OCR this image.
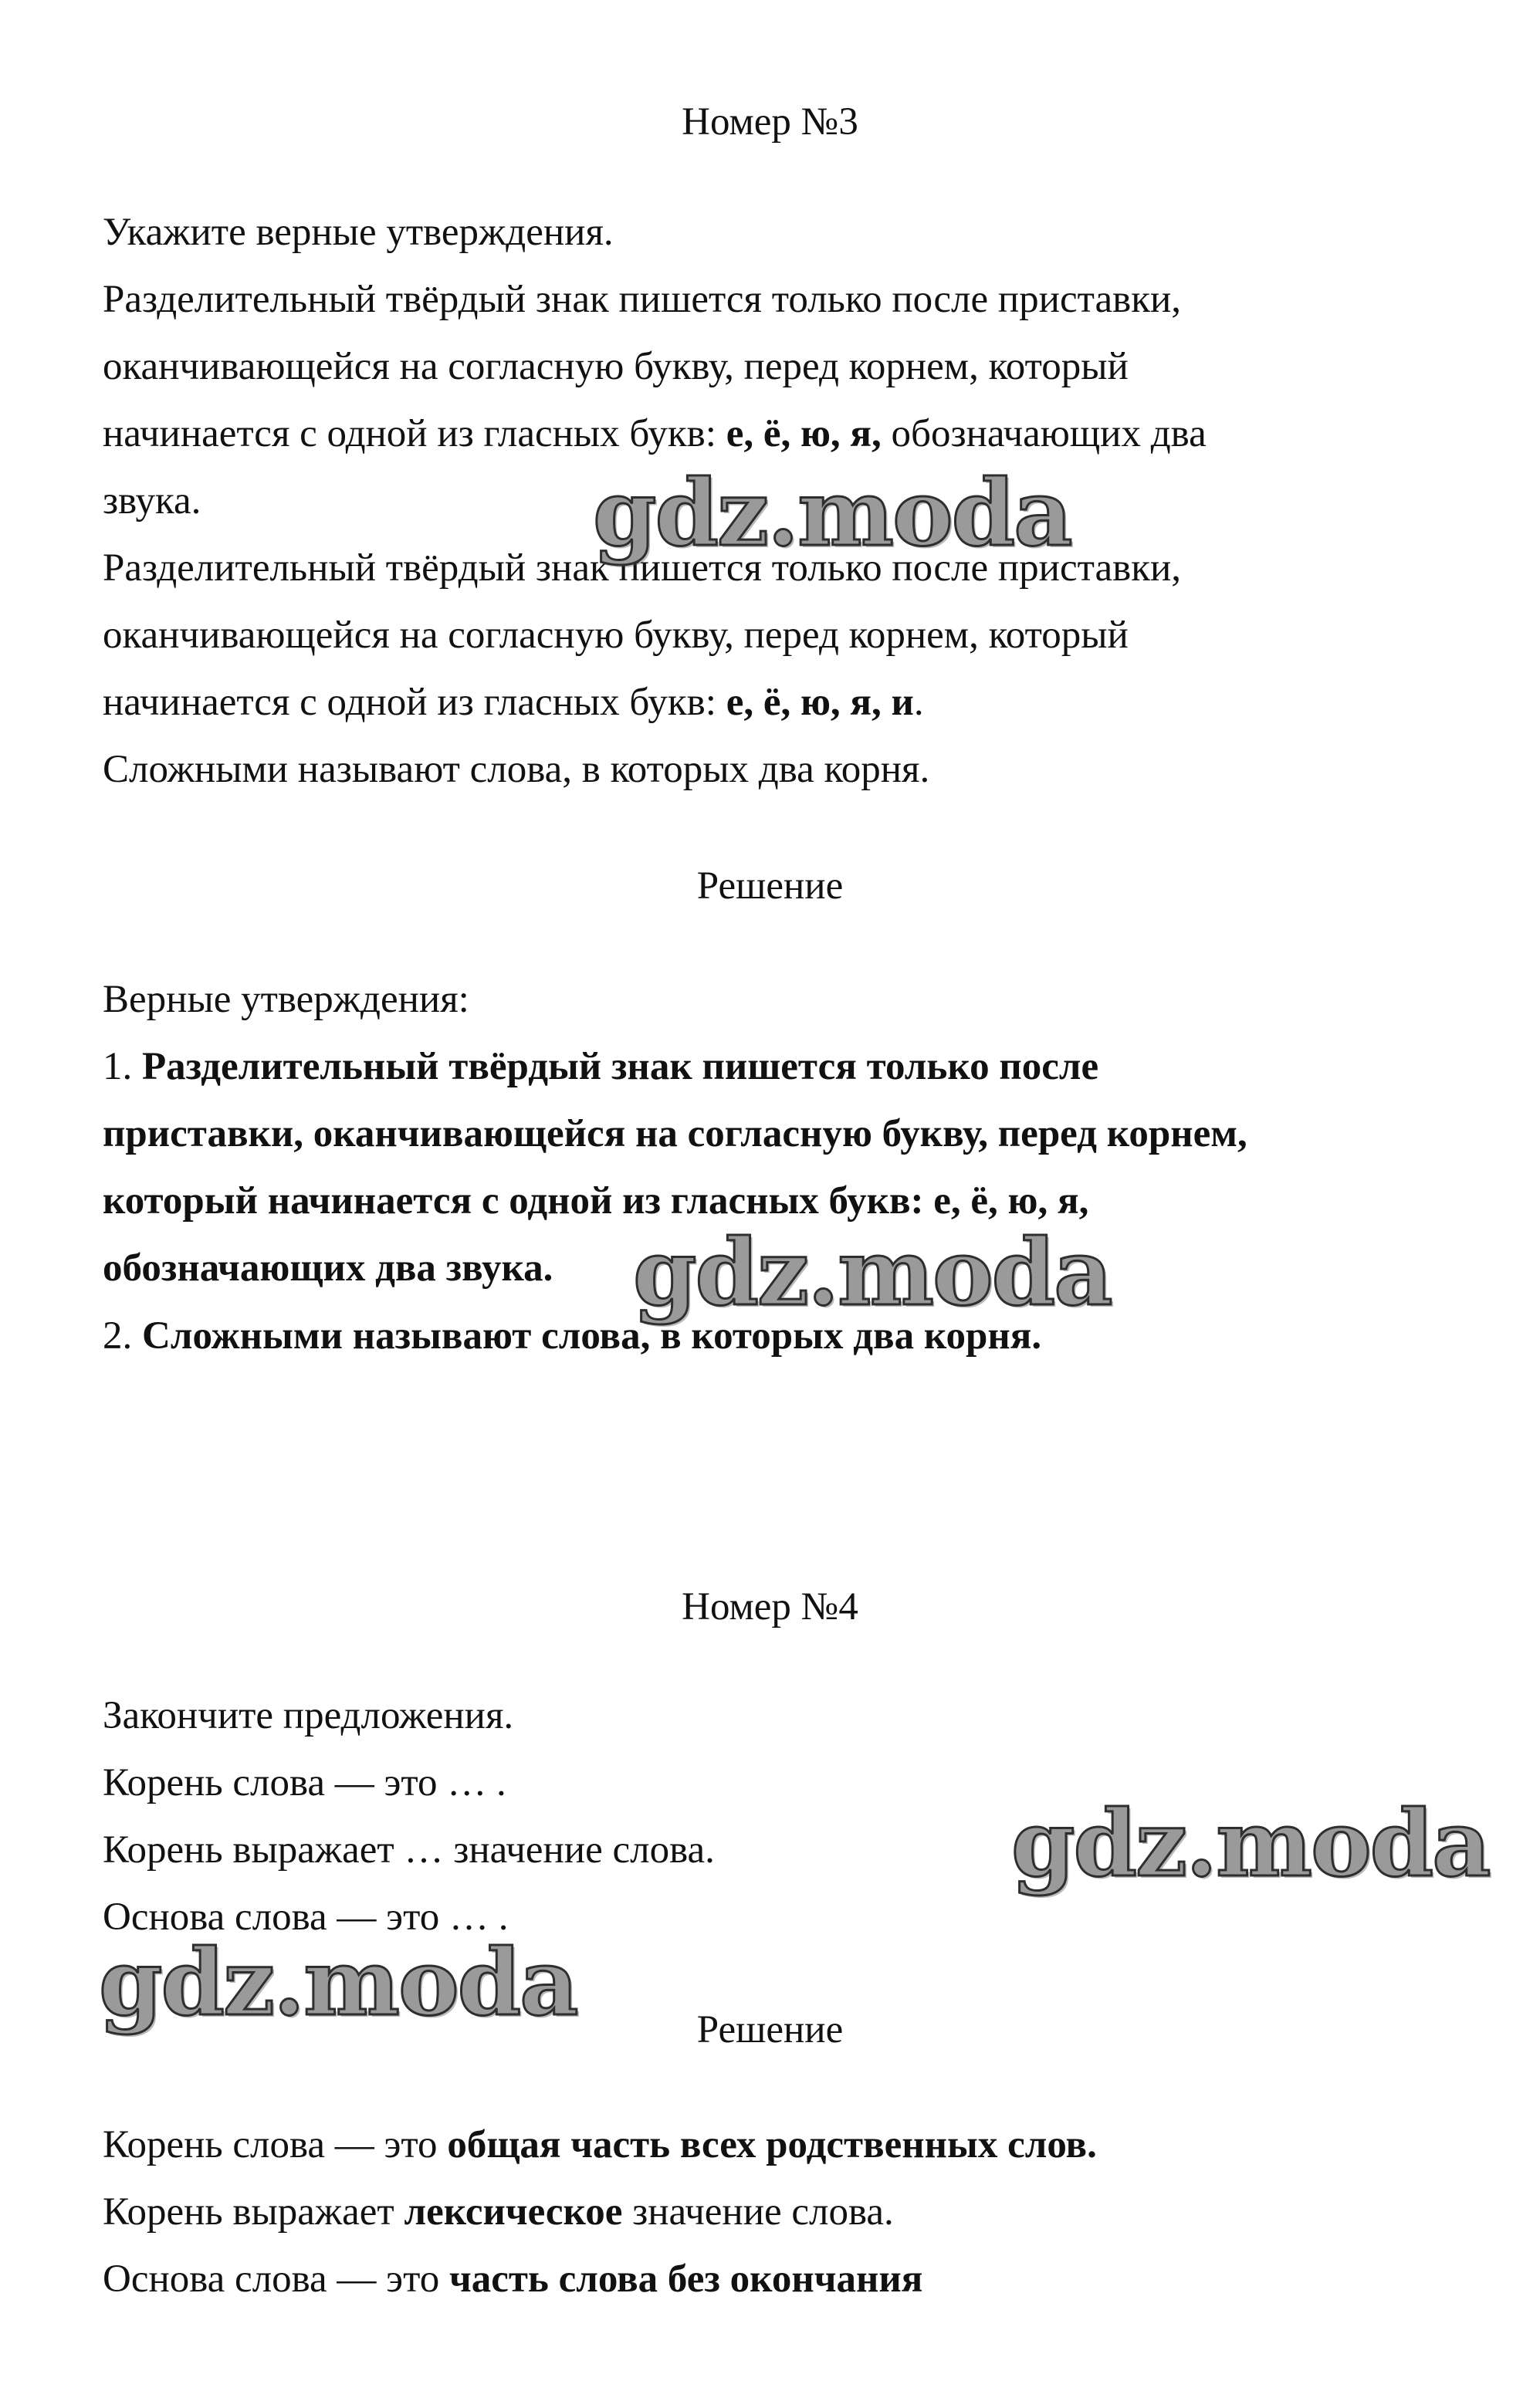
Номер №3
Укажите верные утверждения.
Разделительный твёрдый знак пишется только после приставки,
оканчивающейся на согласную букву, перед корнем, который
начинается с одной из гласных букв: е, ё, ю, я, обозначающих два
звука.
Разделительный твёрдый знак пишется только после приставки,
оканчивающейся на согласную букву, перед корнем, который
начинается с одной из гласных букв: е, ё, ю, я, и.
Сложными называют слова, в которых два корня.
Решение
Верные утверждения:
1. Разделительный твёрдый знак пишется только после
приставки, оканчивающейся на согласную букву, перед корнем,
который начинается с одной из гласных букв: е, ё, ю, я,
обозначающих два звука.
2. Сложными называют слова, в которых два корня.
Номер №4
Закончите предложения.
Корень слова — это … .
Корень выражает … значение слова.
Основа слова — это … .
Решение
Корень слова — это общая часть всех родственных слов.
Корень выражает лексическое значение слова.
Основа слова — это часть слова без окончания
gdz.moda
gdz.moda
gdz.moda
gdz.moda
